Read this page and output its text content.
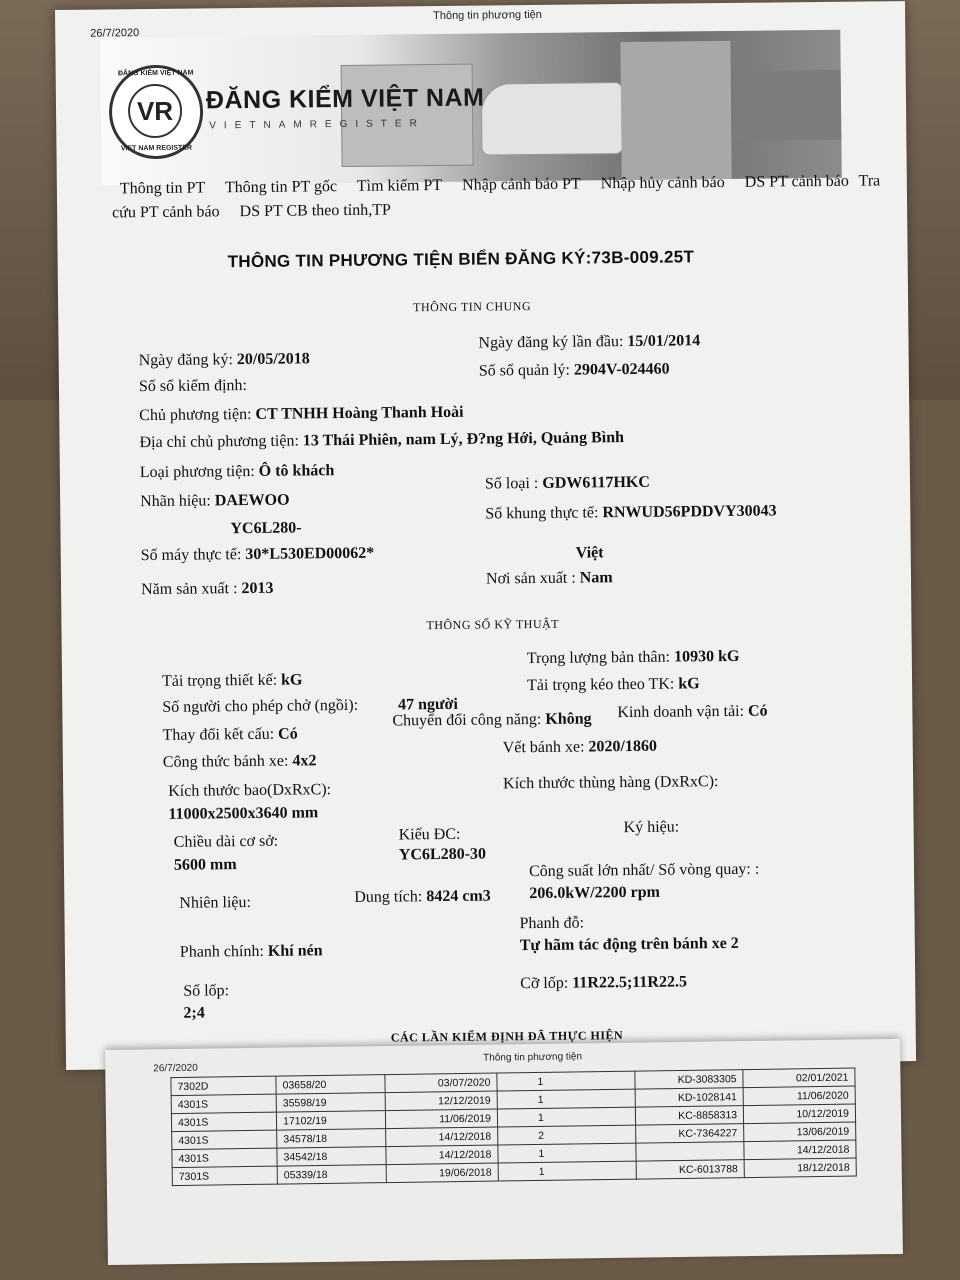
26/7/2020
Thông tin phương tiện
ĐĂNG KIỂM VIỆT NAM
VR
VIET NAM REGISTER
ĐĂNG KIỂM VIỆT NAM
VIETNAMREGISTER
Thông tin PT Thông tin PT gốc Tìm kiếm PT Nhập cảnh báo PT Nhập hủy cảnh báo DS PT cảnh báo Tra cứu PT cảnh báo DS PT CB theo tỉnh,TP
THÔNG TIN PHƯƠNG TIỆN BIỂN ĐĂNG KÝ:73B-009.25T
THÔNG TIN CHUNG
Ngày đăng ký: 20/05/2018
Ngày đăng ký lần đầu: 15/01/2014
Số sổ kiểm định:
Số sổ quản lý: 2904V-024460
Chủ phương tiện: CT TNHH Hoàng Thanh Hoài
Địa chỉ chủ phương tiện: 13 Thái Phiên, nam Lý, Đ?ng Hới, Quảng Bình
Loại phương tiện: Ô tô khách
Nhãn hiệu: DAEWOO
Số loại : GDW6117HKC
YC6L280-
Số khung thực tế: RNWUD56PDDVY30043
Số máy thực tế: 30*L530ED00062*	Việt
Năm sản xuất : 2013
Nơi sản xuất : Nam
THÔNG SỐ KỸ THUẬT
Trọng lượng bản thân: 10930 kG
Tải trọng thiết kế: kG	Tải trọng kéo theo TK: kG
Số người cho phép chở (ngồi): 47 người
Thay đổi kết cấu: Có
Chuyển đổi công năng: Không Kinh doanh vận tải: Có
Công thức bánh xe: 4x2
Vết bánh xe: 2020/1860
Kích thước bao(DxRxC):
11000x2500x3640 mm
Kích thước thùng hàng (DxRxC):
Chiều dài cơ sở:
5600 mm
Kiểu ĐC:
YC6L280-30
Ký hiệu:
Công suất lớn nhất/ Số vòng quay: :
206.0kW/2200 rpm
Nhiên liệu:	Dung tích: 8424 cm3
Phanh đỗ:
Tự hãm tác động trên bánh xe 2
Phanh chính: Khí nén
Số lốp:
2;4
Cỡ lốp: 11R22.5;11R22.5
CÁC LẦN KIỂM ĐỊNH ĐÃ THỰC HIỆN
26/7/2020
Thông tin phương tiện
7302D	03658/20	03/07/2020	1	KD-3083305	02/01/2021
4301S	35598/19	12/12/2019	1	KD-1028141	11/06/2020
4301S	17102/19	11/06/2019	1	KC-8858313	10/12/2019
4301S	34578/18	14/12/2018	2	KC-7364227	13/06/2019
4301S	34542/18	14/12/2018	1		14/12/2018
7301S	05339/18	19/06/2018	1	KC-6013788	18/12/2018
